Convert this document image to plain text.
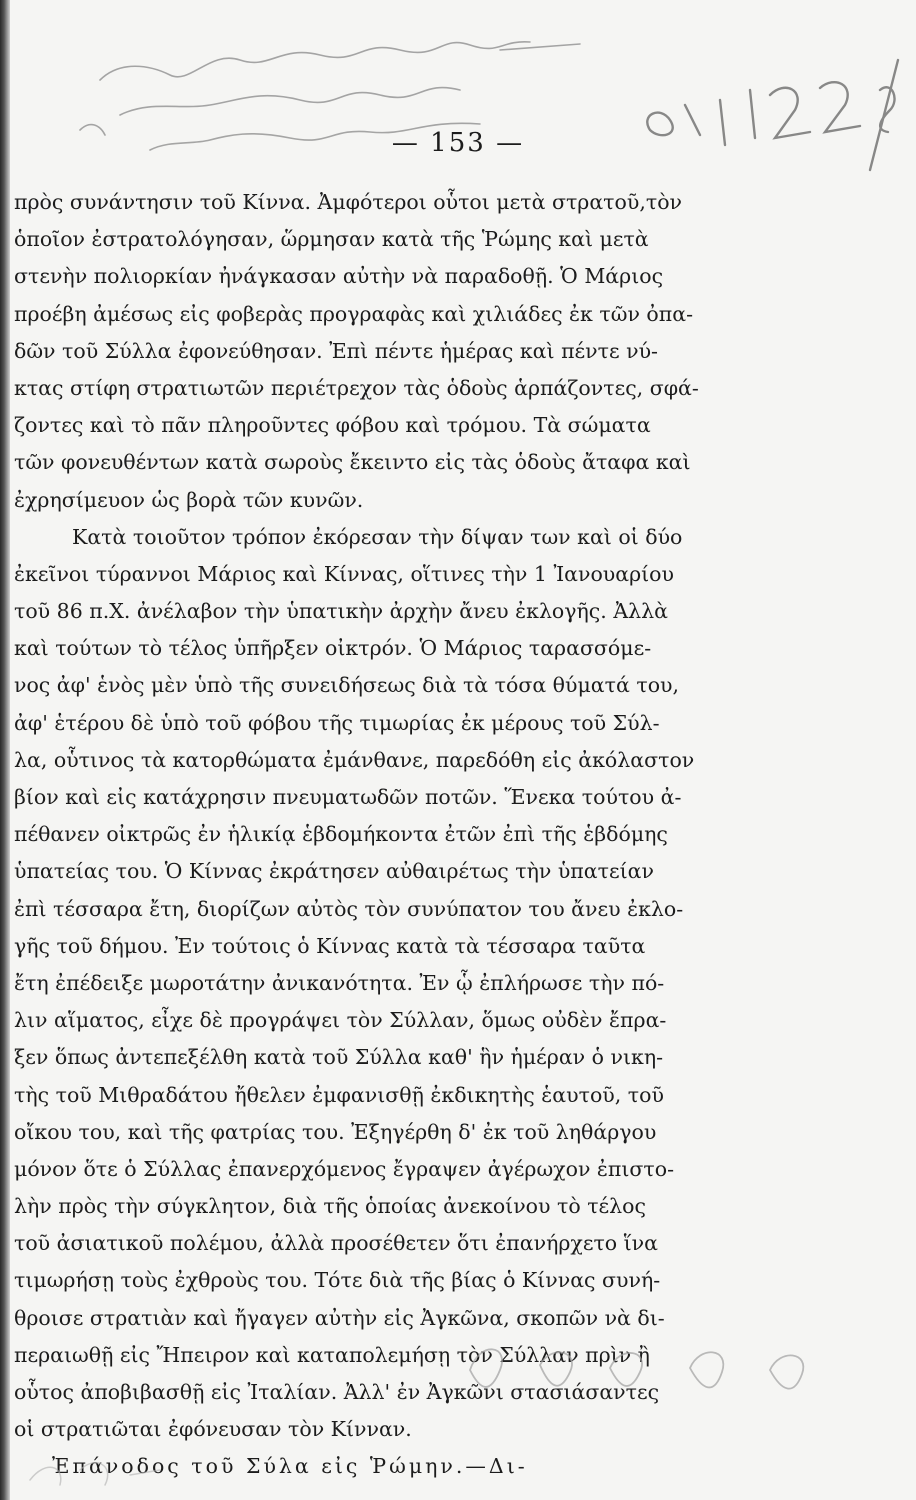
— 153 —
πρὸς συνάντησιν τοῦ Κίννα. Ἀμφότεροι οὗτοι μετὰ στρατοῦ,τὸν
ὁποῖον ἐστρατολόγησαν, ὥρμησαν κατὰ τῆς Ῥώμης καὶ μετὰ
στενὴν πολιορκίαν ἠνάγκασαν αὐτὴν νὰ παραδοθῇ. Ὁ Μάριος
προέβη ἀμέσως εἰς φοβερὰς προγραφὰς καὶ χιλιάδες ἐκ τῶν ὀπα-
δῶν τοῦ Σύλλα ἐφονεύθησαν. Ἐπὶ πέντε ἡμέρας καὶ πέντε νύ-
κτας στίφη στρατιωτῶν περιέτρεχον τὰς ὁδοὺς ἁρπάζοντες, σφά-
ζοντες καὶ τὸ πᾶν πληροῦντες φόβου καὶ τρόμου. Τὰ σώματα
τῶν φονευθέντων κατὰ σωροὺς ἔκειντο εἰς τὰς ὁδοὺς ἄταφα καὶ
ἐχρησίμευον ὡς βορὰ τῶν κυνῶν.
Κατὰ τοιοῦτον τρόπον ἐκόρεσαν τὴν δίψαν των καὶ οἱ δύο
ἐκεῖνοι τύραννοι Μάριος καὶ Κίννας, οἵτινες τὴν 1 Ἰανουαρίου
τοῦ 86 π.Χ. ἀνέλαβον τὴν ὑπατικὴν ἀρχὴν ἄνευ ἐκλογῆς. Ἀλλὰ
καὶ τούτων τὸ τέλος ὑπῆρξεν οἰκτρόν. Ὁ Μάριος ταρασσόμε-
νος ἀφ' ἑνὸς μὲν ὑπὸ τῆς συνειδήσεως διὰ τὰ τόσα θύματά του,
ἀφ' ἑτέρου δὲ ὑπὸ τοῦ φόβου τῆς τιμωρίας ἐκ μέρους τοῦ Σύλ-
λα, οὗτινος τὰ κατορθώματα ἐμάνθανε, παρεδόθη εἰς ἀκόλαστον
βίον καὶ εἰς κατάχρησιν πνευματωδῶν ποτῶν. Ἕνεκα τούτου ἀ-
πέθανεν οἰκτρῶς ἐν ἡλικίᾳ ἑβδομήκοντα ἐτῶν ἐπὶ τῆς ἑβδόμης
ὑπατείας του. Ὁ Κίννας ἐκράτησεν αὐθαιρέτως τὴν ὑπατείαν
ἐπὶ τέσσαρα ἔτη, διορίζων αὐτὸς τὸν συνύπατον του ἄνευ ἐκλο-
γῆς τοῦ δήμου. Ἐν τούτοις ὁ Κίννας κατὰ τὰ τέσσαρα ταῦτα
ἔτη ἐπέδειξε μωροτάτην ἀνικανότητα. Ἐν ᾧ ἐπλήρωσε τὴν πό-
λιν αἵματος, εἶχε δὲ προγράψει τὸν Σύλλαν, ὅμως οὐδὲν ἔπρα-
ξεν ὅπως ἀντεπεξέλθη κατὰ τοῦ Σύλλα καθ' ἣν ἡμέραν ὁ νικη-
τὴς τοῦ Μιθραδάτου ἤθελεν ἐμφανισθῇ ἐκδικητὴς ἑαυτοῦ, τοῦ
οἴκου του, καὶ τῆς φατρίας του. Ἐξηγέρθη δ' ἐκ τοῦ ληθάργου
μόνον ὅτε ὁ Σύλλας ἐπανερχόμενος ἔγραψεν ἀγέρωχον ἐπιστο-
λὴν πρὸς τὴν σύγκλητον, διὰ τῆς ὁποίας ἀνεκοίνου τὸ τέλος
τοῦ ἀσιατικοῦ πολέμου, ἀλλὰ προσέθετεν ὅτι ἐπανήρχετο ἵνα
τιμωρήσῃ τοὺς ἐχθροὺς του. Τότε διὰ τῆς βίας ὁ Κίννας συνή-
θροισε στρατιὰν καὶ ἤγαγεν αὐτὴν εἰς Ἀγκῶνα, σκοπῶν νὰ δι-
περαιωθῇ εἰς Ἤπειρον καὶ καταπολεμήσῃ τὸν Σύλλαν πρὶν ἢ
οὗτος ἀποβιβασθῇ εἰς Ἰταλίαν. Ἀλλ' ἐν Ἀγκῶνι στασιάσαντες
οἱ στρατιῶται ἐφόνευσαν τὸν Κίνναν.
Ἐπάνοδος τοῦ Σύλα εἰς Ῥώμην.—Δι-
